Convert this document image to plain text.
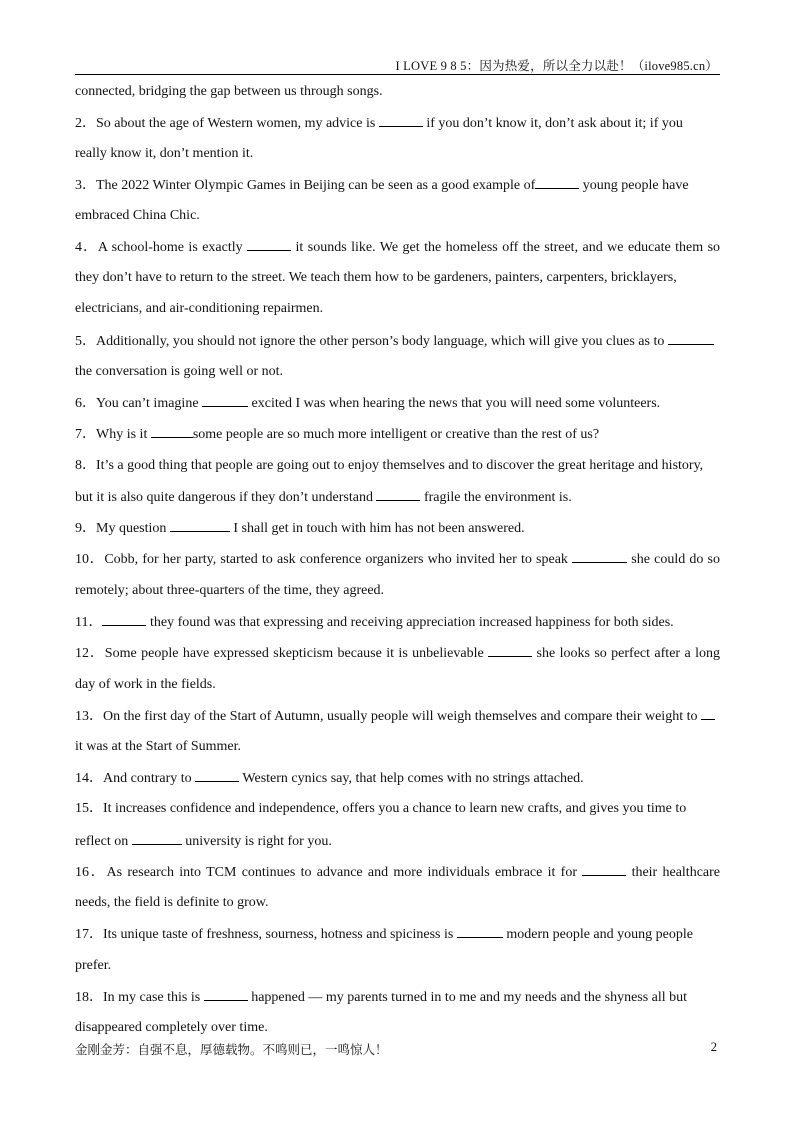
I LOVE 9 8 5：因为热爱，所以全力以赴！（ilove985.cn）
connected, bridging the gap between us through songs.
2．So about the age of Western women, my advice is	if you don’t know it, don’t ask about it; if you
really know it, don’t mention it.
3．The 2022 Winter Olympic Games in Beijing can be seen as a good example of	young people have
embraced China Chic.
4．A school-home is exactly	it sounds like. We get the homeless off the street, and we educate them so
they don’t have to return to the street. We teach them how to be gardeners, painters, carpenters, bricklayers,
electricians, and air-conditioning repairmen.
5．Additionally, you should not ignore the other person’s body language, which will give you clues as to
the conversation is going well or not.
6．You can’t imagine	excited I was when hearing the news that you will need some volunteers.
7．Why is it	some people are so much more intelligent or creative than the rest of us?
8．It’s a good thing that people are going out to enjoy themselves and to discover the great heritage and history,
but it is also quite dangerous if they don’t understand	fragile the environment is.
9．My question	I shall get in touch with him has not been answered.
10．Cobb, for her party, started to ask conference organizers who invited her to speak	she could do so
remotely; about three-quarters of the time, they agreed.
11．	they found was that expressing and receiving appreciation increased happiness for both sides.
12．Some people have expressed skepticism because it is unbelievable	she looks so perfect after a long
day of work in the fields.
13．On the first day of the Start of Autumn, usually people will weigh themselves and compare their weight to
it was at the Start of Summer.
14．And contrary to	Western cynics say, that help comes with no strings attached.
15．It increases confidence and independence, offers you a chance to learn new crafts, and gives you time to
reflect on	university is right for you.
16．As research into TCM continues to advance and more individuals embrace it for	their healthcare
needs, the field is definite to grow.
17．Its unique taste of freshness, sourness, hotness and spiciness is	modern people and young people
prefer.
18．In my case this is	happened — my parents turned in to me and my needs and the shyness all but
disappeared completely over time.
金刚金芳：自强不息，厚德载物。不鸣则已，一鸣惊人！	2
